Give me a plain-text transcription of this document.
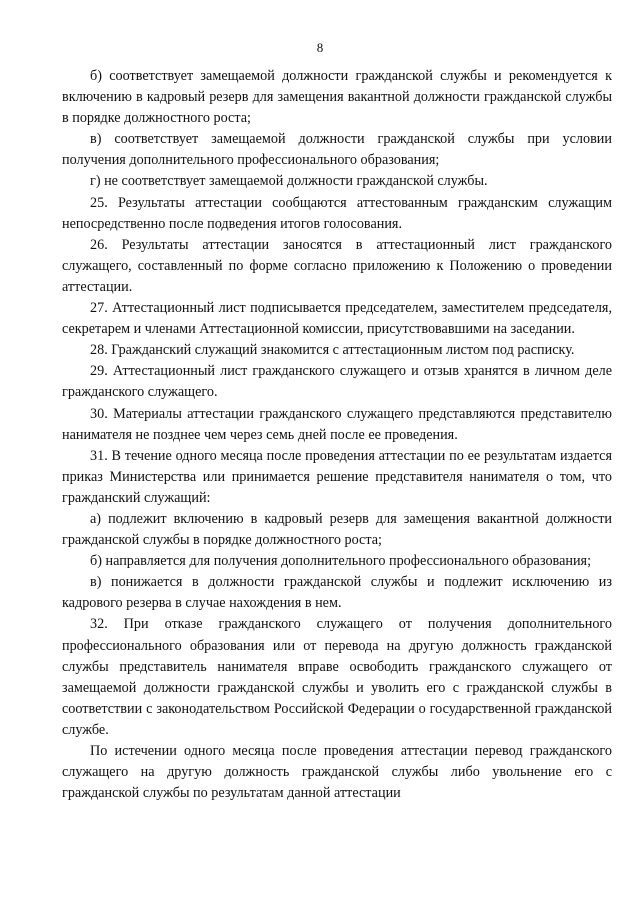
8

б) соответствует замещаемой должности гражданской службы и рекомендуется к включению в кадровый резерв для замещения вакантной должности гражданской службы в порядке должностного роста;

в) соответствует замещаемой должности гражданской службы при условии получения дополнительного профессионального образования;

г) не соответствует замещаемой должности гражданской службы.

25. Результаты аттестации сообщаются аттестованным гражданским служащим непосредственно после подведения итогов голосования.

26. Результаты аттестации заносятся в аттестационный лист гражданского служащего, составленный по форме согласно приложению к Положению о проведении аттестации.

27. Аттестационный лист подписывается председателем, заместителем председателя, секретарем и членами Аттестационной комиссии, присутствовавшими на заседании.

28. Гражданский служащий знакомится с аттестационным листом под расписку.

29. Аттестационный лист гражданского служащего и отзыв хранятся в личном деле гражданского служащего.

30. Материалы аттестации гражданского служащего представляются представителю нанимателя не позднее чем через семь дней после ее проведения.

31. В течение одного месяца после проведения аттестации по ее результатам издается приказ Министерства или принимается решение представителя нанимателя о том, что гражданский служащий:

а) подлежит включению в кадровый резерв для замещения вакантной должности гражданской службы в порядке должностного роста;

б) направляется для получения дополнительного профессионального образования;

в) понижается в должности гражданской службы и подлежит исключению из кадрового резерва в случае нахождения в нем.

32. При отказе гражданского служащего от получения дополнительного профессионального образования или от перевода на другую должность гражданской службы представитель нанимателя вправе освободить гражданского служащего от замещаемой должности гражданской службы и уволить его с гражданской службы в соответствии с законодательством Российской Федерации о государственной гражданской службе.

По истечении одного месяца после проведения аттестации перевод гражданского служащего на другую должность гражданской службы либо увольнение его с гражданской службы по результатам данной аттестации
